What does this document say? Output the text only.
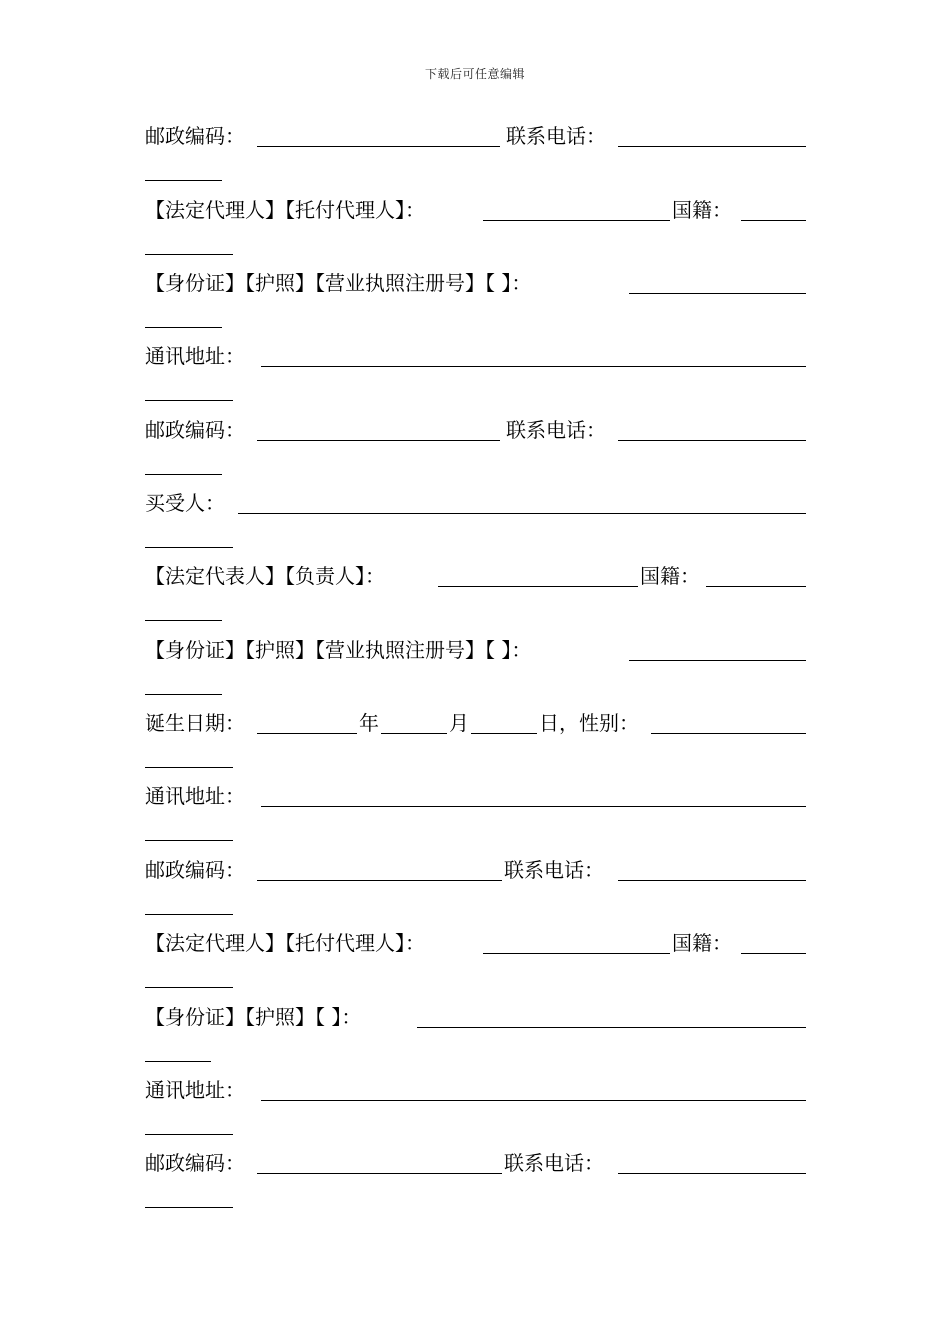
下载后可任意编辑
邮政编码：	联系电话：
【法定代理人】【托付代理人】：	国籍：
【身份证】【护照】【营业执照注册号】【 】：
通讯地址：
邮政编码：	联系电话：
买受人：
【法定代表人】【负责人】：	国籍：
【身份证】【护照】【营业执照注册号】【 】：
诞生日期：	年	月	日，性别：
通讯地址：
邮政编码：	联系电话：
【法定代理人】【托付代理人】：	国籍：
【身份证】【护照】【 】：
通讯地址：
邮政编码：	联系电话：
